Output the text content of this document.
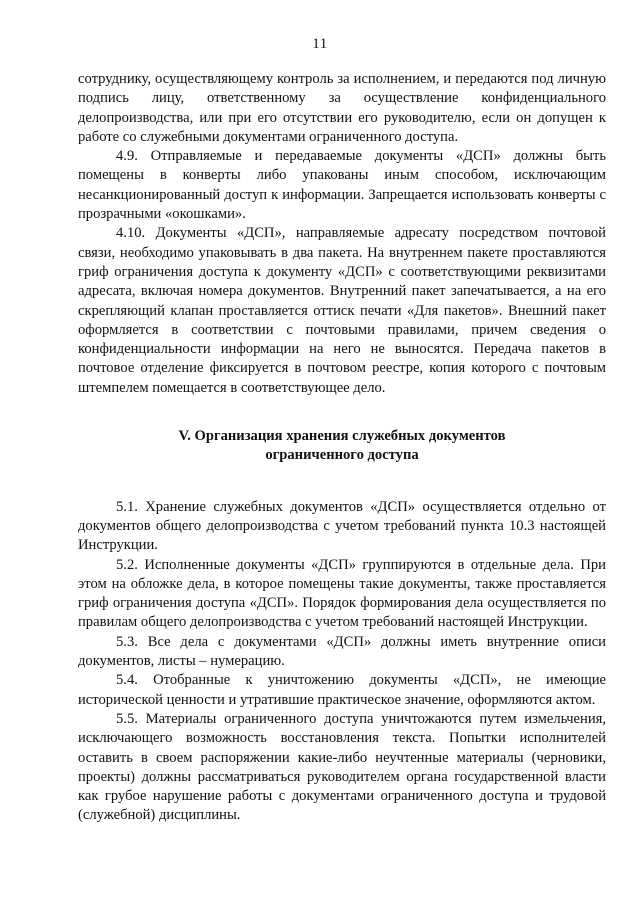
11

сотруднику, осуществляющему контроль за исполнением, и передаются под личную подпись лицу, ответственному за осуществление конфиденциального делопроизводства, или при его отсутствии его руководителю, если он допущен к работе со служебными документами ограниченного доступа.

4.9. Отправляемые и передаваемые документы «ДСП» должны быть помещены в конверты либо упакованы иным способом, исключающим несанкционированный доступ к информации. Запрещается использовать конверты с прозрачными «окошками».

4.10. Документы «ДСП», направляемые адресату посредством почтовой связи, необходимо упаковывать в два пакета. На внутреннем пакете проставляются гриф ограничения доступа к документу «ДСП» с соответствующими реквизитами адресата, включая номера документов. Внутренний пакет запечатывается, а на его скрепляющий клапан проставляется оттиск печати «Для пакетов». Внешний пакет оформляется в соответствии с почтовыми правилами, причем сведения о конфиденциальности информации на него не выносятся. Передача пакетов в почтовое отделение фиксируется в почтовом реестре, копия которого с почтовым штемпелем помещается в соответствующее дело.

V. Организация хранения служебных документов

ограниченного доступа

5.1. Хранение служебных документов «ДСП» осуществляется отдельно от документов общего делопроизводства с учетом требований пункта 10.3 настоящей Инструкции.

5.2. Исполненные документы «ДСП» группируются в отдельные дела. При этом на обложке дела, в которое помещены такие документы, также проставляется гриф ограничения доступа «ДСП». Порядок формирования дела осуществляется по правилам общего делопроизводства с учетом требований настоящей Инструкции.

5.3. Все дела с документами «ДСП» должны иметь внутренние описи документов, листы – нумерацию.

5.4. Отобранные к уничтожению документы «ДСП», не имеющие исторической ценности и утратившие практическое значение, оформляются актом.

5.5. Материалы ограниченного доступа уничтожаются путем измельчения, исключающего возможность восстановления текста. Попытки исполнителей оставить в своем распоряжении какие-либо неучтенные материалы (черновики, проекты) должны рассматриваться руководителем органа государственной власти как грубое нарушение работы с документами ограниченного доступа и трудовой (служебной) дисциплины.
